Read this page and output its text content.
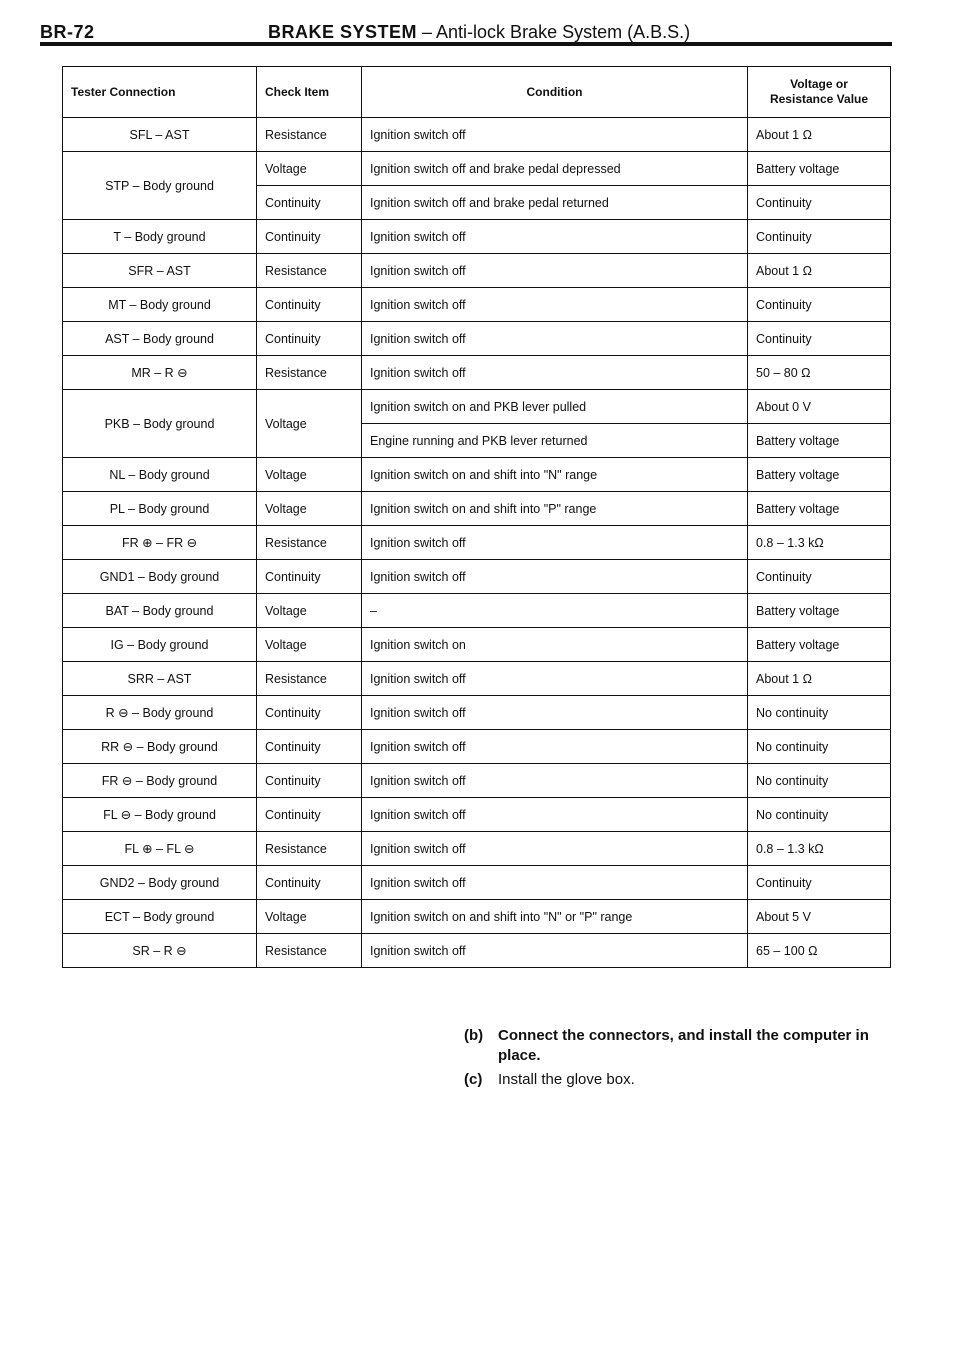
BR-72	BRAKE SYSTEM – Anti-lock Brake System (A.B.S.)
Tester Connection	Check Item	Condition	Voltage or
Resistance Value
SFL – AST	Resistance	Ignition switch off	About 1 Ω
STP – Body ground	Voltage	Ignition switch off and brake pedal depressed	Battery voltage
	Continuity	Ignition switch off and brake pedal returned	Continuity
T – Body ground	Continuity	Ignition switch off	Continuity
SFR – AST	Resistance	Ignition switch off	About 1 Ω
MT – Body ground	Continuity	Ignition switch off	Continuity
AST – Body ground	Continuity	Ignition switch off	Continuity
MR – R ⊖	Resistance	Ignition switch off	50 – 80 Ω
PKB – Body ground	Voltage	Ignition switch on and PKB lever pulled	About 0 V
		Engine running and PKB lever returned	Battery voltage
NL – Body ground	Voltage	Ignition switch on and shift into "N" range	Battery voltage
PL – Body ground	Voltage	Ignition switch on and shift into "P" range	Battery voltage
FR ⊕ – FR ⊖	Resistance	Ignition switch off	0.8 – 1.3 kΩ
GND1 – Body ground	Continuity	Ignition switch off	Continuity
BAT – Body ground	Voltage	–	Battery voltage
IG – Body ground	Voltage	Ignition switch on	Battery voltage
SRR – AST	Resistance	Ignition switch off	About 1 Ω
R ⊖ – Body ground	Continuity	Ignition switch off	No continuity
RR ⊖ – Body ground	Continuity	Ignition switch off	No continuity
FR ⊖ – Body ground	Continuity	Ignition switch off	No continuity
FL ⊖ – Body ground	Continuity	Ignition switch off	No continuity
FL ⊕ – FL ⊖	Resistance	Ignition switch off	0.8 – 1.3 kΩ
GND2 – Body ground	Continuity	Ignition switch off	Continuity
ECT – Body ground	Voltage	Ignition switch on and shift into "N" or "P" range	About 5 V
SR – R ⊖	Resistance	Ignition switch off	65 – 100 Ω
(b) Connect the connectors, and install the computer in place.
(c)	Install the glove box.
